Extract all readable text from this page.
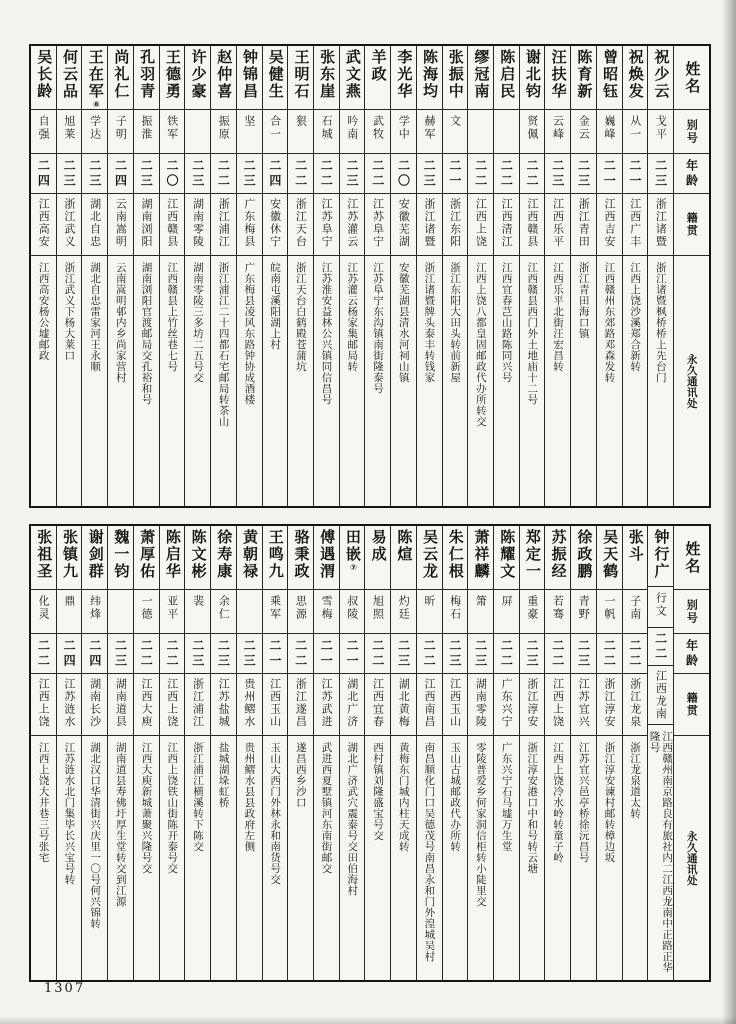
姓名
别号
年龄
籍贯
永久通讯处
祝少云
戈平
二三
浙江诸暨
浙江诸暨枫桥桥上先台门
祝焕发
从一
二一
江西广丰
江西上饶沙溪郑合新转
曾昭钰
巍峰
二一
江西吉安
江西赣州东郊路邓森发转
陈育新
金云
二三
浙江青田
浙江青田海口镇
汪扶华
云峰
二三
江西乐平
江西乐平北街汪宏昌转
谢北钧
贤佩
二二
江西赣县
江西赣县西门外土地庙十二号
陈启民
二二
江西清江
江西宜春芑山路陈同兴号
缪冠南
二二
江西上饶
江西上饶八都皇固邮政代办所转交
张振中
文
二一
浙江东阳
浙江东阳大田头转前新屋
陈海均
赫军
二三
浙江诸暨
浙江诸暨牌头泰丰转钱家
李光华
学中
二〇
安徽芜湖
安徽芜湖县清水河祠山镇
羊政
武牧
二二
江苏阜宁
江苏阜宁东沟镇南街隆泰号
武文燕
吟南
二三
江苏灌云
江苏灌云杨家集邮局转
张东崖
石城
二二
江苏阜宁
江苏淮安益林公兴镇同信昌号
王明石
狠
二二
浙江天台
浙江天台白鹤殿苍蒲坑
吴健生
合一
二四
安徽休宁
皖南屯溪阳湖上村
钟锦昌
坚
二三
广东梅县
广东梅县凌风东路钟协成酒楼
赵仲喜
振原
二二
浙江浦江
浙江浦江二十四都石宅邮局转茶山
许少豪
二三
湖南零陵
湖南零陵三多坊二五号交
王德勇
铁军
二〇
江西赣县
江西赣县上竹丝巷七号
孔羽青
振淮
二三
湖南浏阳
湖南浏阳官渡邮局交孔裕和号
尚礼仁
子明
二四
云南嵩明
云南嵩明邨内乡尚家营村
王在军⑧
学达
二三
湖北自忠
湖北自忠雷家河王永顺
何云品
旭莱
二三
浙江武义
浙江武义下杨大莱口
吴长龄
自强
二四
江西高安
江西高安杨公墟邮政
姓名
别号
年龄
籍贯
永久通讯处
钟行广
行文
二二
江西龙南
江西赣州南京路良有旅社内二江西龙南中正路正华隆号
张斗
子南
二二
浙江龙泉
浙江龙泉道太转
吴天鹤
一帆
二二
浙江淳安
浙江淳安谏村邮转樟边坂
徐政鹏
青野
二三
江苏宜兴
江苏宜兴邑亭桥徐沅昌号
苏振经
若骞
二二
江西上饶
江西上饶冷水岭转童子岭
郑定一
重豪
二三
浙江淳安
浙江淳安港口中和号转云塘
陈耀文
屏
二二
广东兴宁
广东兴宁石马墟万生堂
萧祥麟
箫
二三
湖南零陵
零陵普爱乡何家洞信柜转小陡里交
朱仁根
梅石
二三
江西玉山
玉山古城邮政代办所转
吴云龙
昕
二二
江西南昌
南昌顺化门口吴德茂号南昌永和门外湟城吴村
陈煊
灼廷
二三
湖北黄梅
黄梅东门城内柱天成转
易成
旭照
二二
江西宜春
西村镇刘隆盛宝号交
田嵌⑦
叔陵
二一
湖北广济
湖北广济武穴震泰号交田伯海村
傅遇渭
雪梅
二一
江苏武进
武进西夏墅镇河东南街邮交
骆秉政
思源
二二
浙江遂昌
遂昌西乡沙口
王鸣九
乘军
二一
江西玉山
玉山大西门外林永和南货号交
黄朝禄
二三
贵州鳛水
贵州鳛水县县政府左侧
徐寿康
余仁
二三
江苏盐城
盐城湖垛虹桥
陈文彬
裴
二三
浙江浦江
浙江浦江横溪转下陈交
陈启华
亚平
二二
江西上饶
江西上饶铁山街陈开泰号交
萧厚佑
一德
二二
江西大庾
江西大庾新城萧聚兴隆号交
魏一钧
二三
湖南道县
湖南道县寿佛圩厚生堂转交到江源
谢剑群
纬烽
二四
湖南长沙
湖北汉口华清街兴庆里一〇号何兴锦转
张镇九
鼎
二四
江苏涟水
江苏涟水北门集毕长兴宝号转
张祖圣
化灵
二二
江西上饶
江西上饶大井巷三号张宅
1307
